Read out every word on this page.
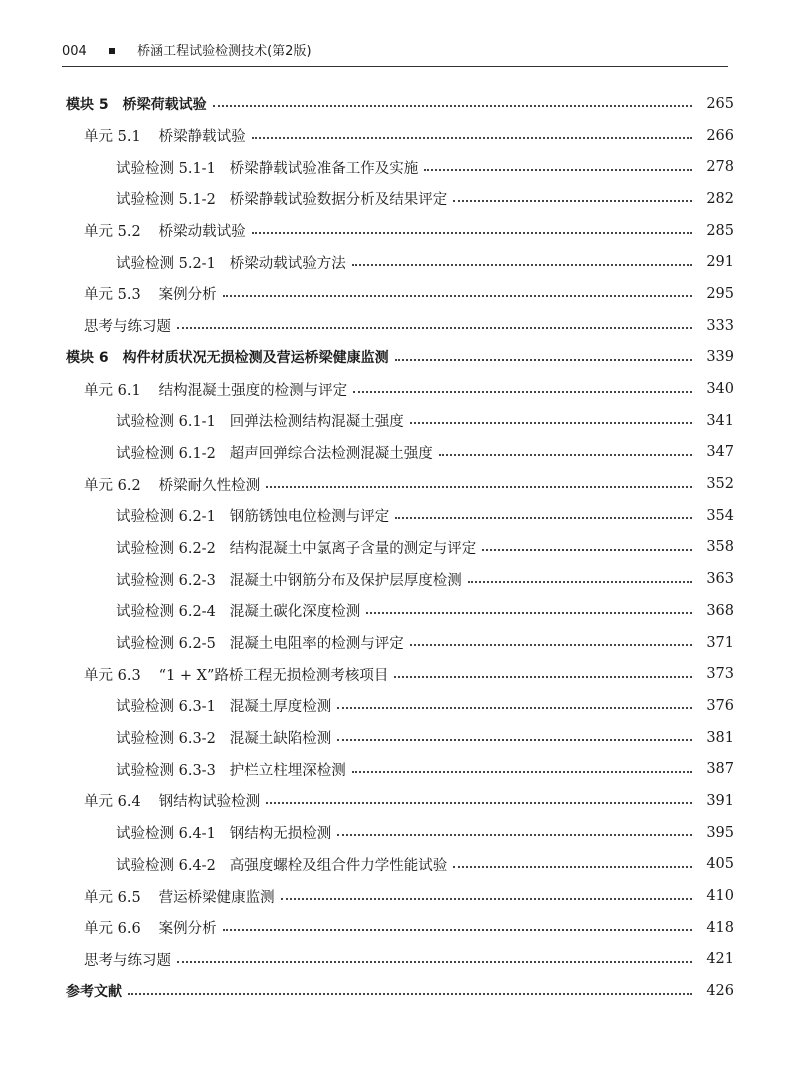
004	桥涵工程试验检测技术(第2版)
模块 5 桥梁荷载试验	265
单元 5.1 桥梁静载试验	266
试验检测 5.1-1 桥梁静载试验准备工作及实施	278
试验检测 5.1-2 桥梁静载试验数据分析及结果评定	282
单元 5.2 桥梁动载试验	285
试验检测 5.2-1 桥梁动载试验方法	291
单元 5.3 案例分析	295
思考与练习题	333
模块 6 构件材质状况无损检测及营运桥梁健康监测	339
单元 6.1 结构混凝土强度的检测与评定	340
试验检测 6.1-1 回弹法检测结构混凝土强度	341
试验检测 6.1-2 超声回弹综合法检测混凝土强度	347
单元 6.2 桥梁耐久性检测	352
试验检测 6.2-1 钢筋锈蚀电位检测与评定	354
试验检测 6.2-2 结构混凝土中氯离子含量的测定与评定	358
试验检测 6.2-3 混凝土中钢筋分布及保护层厚度检测	363
试验检测 6.2-4 混凝土碳化深度检测	368
试验检测 6.2-5 混凝土电阻率的检测与评定	371
单元 6.3 “1 + X”路桥工程无损检测考核项目	373
试验检测 6.3-1 混凝土厚度检测	376
试验检测 6.3-2 混凝土缺陷检测	381
试验检测 6.3-3 护栏立柱埋深检测	387
单元 6.4 钢结构试验检测	391
试验检测 6.4-1 钢结构无损检测	395
试验检测 6.4-2 高强度螺栓及组合件力学性能试验	405
单元 6.5 营运桥梁健康监测	410
单元 6.6 案例分析	418
思考与练习题	421
参考文献	426
